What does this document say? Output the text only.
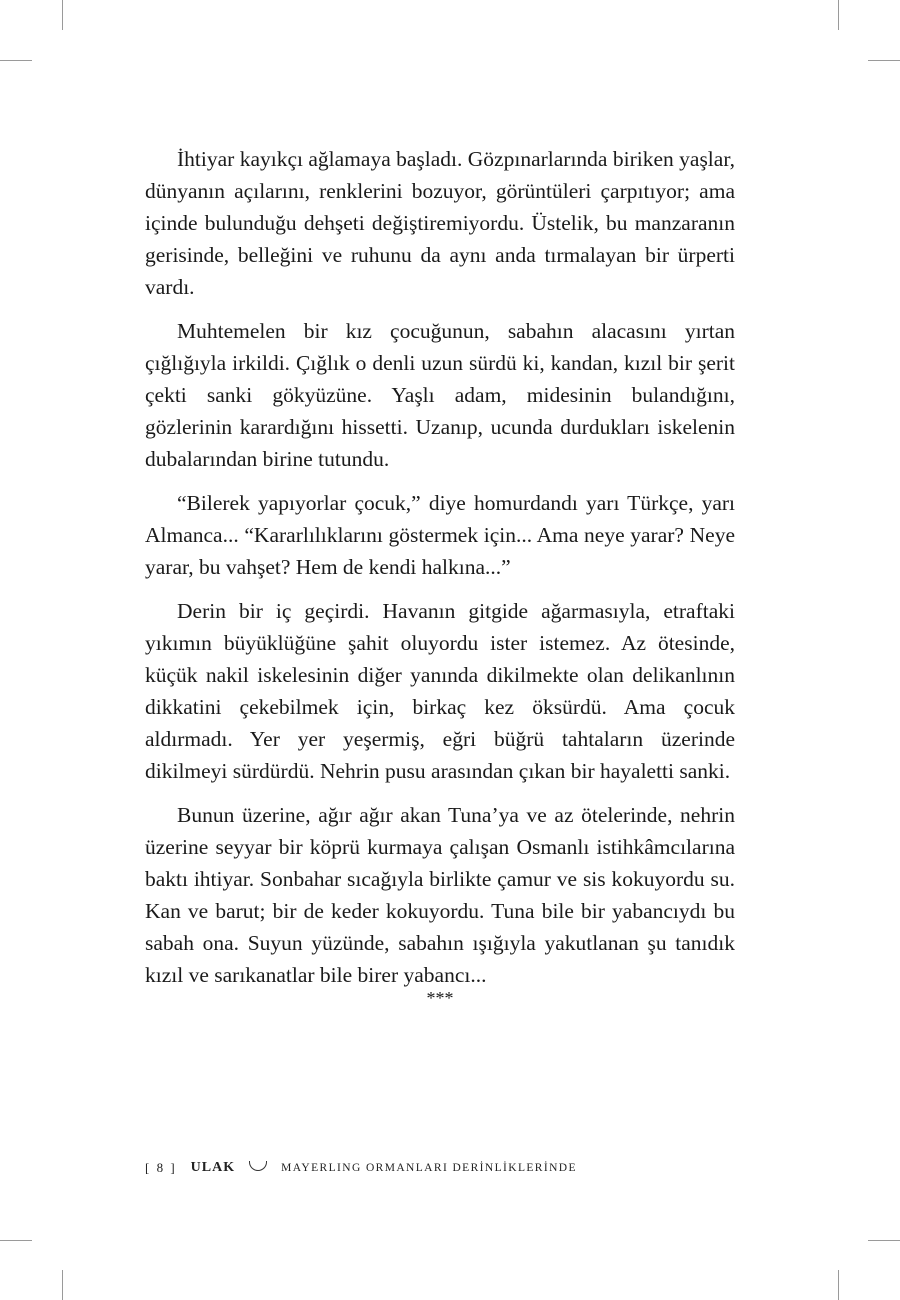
İhtiyar kayıkçı ağlamaya başladı. Gözpınarlarında biriken yaşlar, dünyanın açılarını, renklerini bozuyor, görüntüleri çarpıtıyor; ama içinde bulunduğu dehşeti değiştiremiyordu. Üstelik, bu manzaranın gerisinde, belleğini ve ruhunu da aynı anda tırmalayan bir ürperti vardı.

Muhtemelen bir kız çocuğunun, sabahın alacasını yırtan çığlığıyla irkildi. Çığlık o denli uzun sürdü ki, kandan, kızıl bir şerit çekti sanki gökyüzüne. Yaşlı adam, midesinin bulandığını, gözlerinin karardığını hissetti. Uzanıp, ucunda durdukları iskelenin dubalarından birine tutundu.

“Bilerek yapıyorlar çocuk,” diye homurdandı yarı Türkçe, yarı Almanca... “Kararlılıklarını göstermek için... Ama neye yarar? Neye yarar, bu vahşet? Hem de kendi halkına...”

Derin bir iç geçirdi. Havanın gitgide ağarmasıyla, etraftaki yıkımın büyüklüğüne şahit oluyordu ister istemez. Az ötesinde, küçük nakil iskelesinin diğer yanında dikilmekte olan delikanlının dikkatini çekebilmek için, birkaç kez öksürdü. Ama çocuk aldırmadı. Yer yer yeşermiş, eğri büğrü tahtaların üzerinde dikilmeyi sürdürdü. Nehrin pusu arasından çıkan bir hayaletti sanki.

Bunun üzerine, ağır ağır akan Tuna’ya ve az ötelerinde, nehrin üzerine seyyar bir köprü kurmaya çalışan Osmanlı istihkâmcılarına baktı ihtiyar. Sonbahar sıcağıyla birlikte çamur ve sis kokuyordu su. Kan ve barut; bir de keder kokuyordu. Tuna bile bir yabancıydı bu sabah ona. Suyun yüzünde, sabahın ışığıyla yakutlanan şu tanıdık kızıl ve sarıkanatlar bile birer yabancı...

***
[ 8 ] ULAK	MAYERLING ORMANLARI DERİNLİKLERİNDE
